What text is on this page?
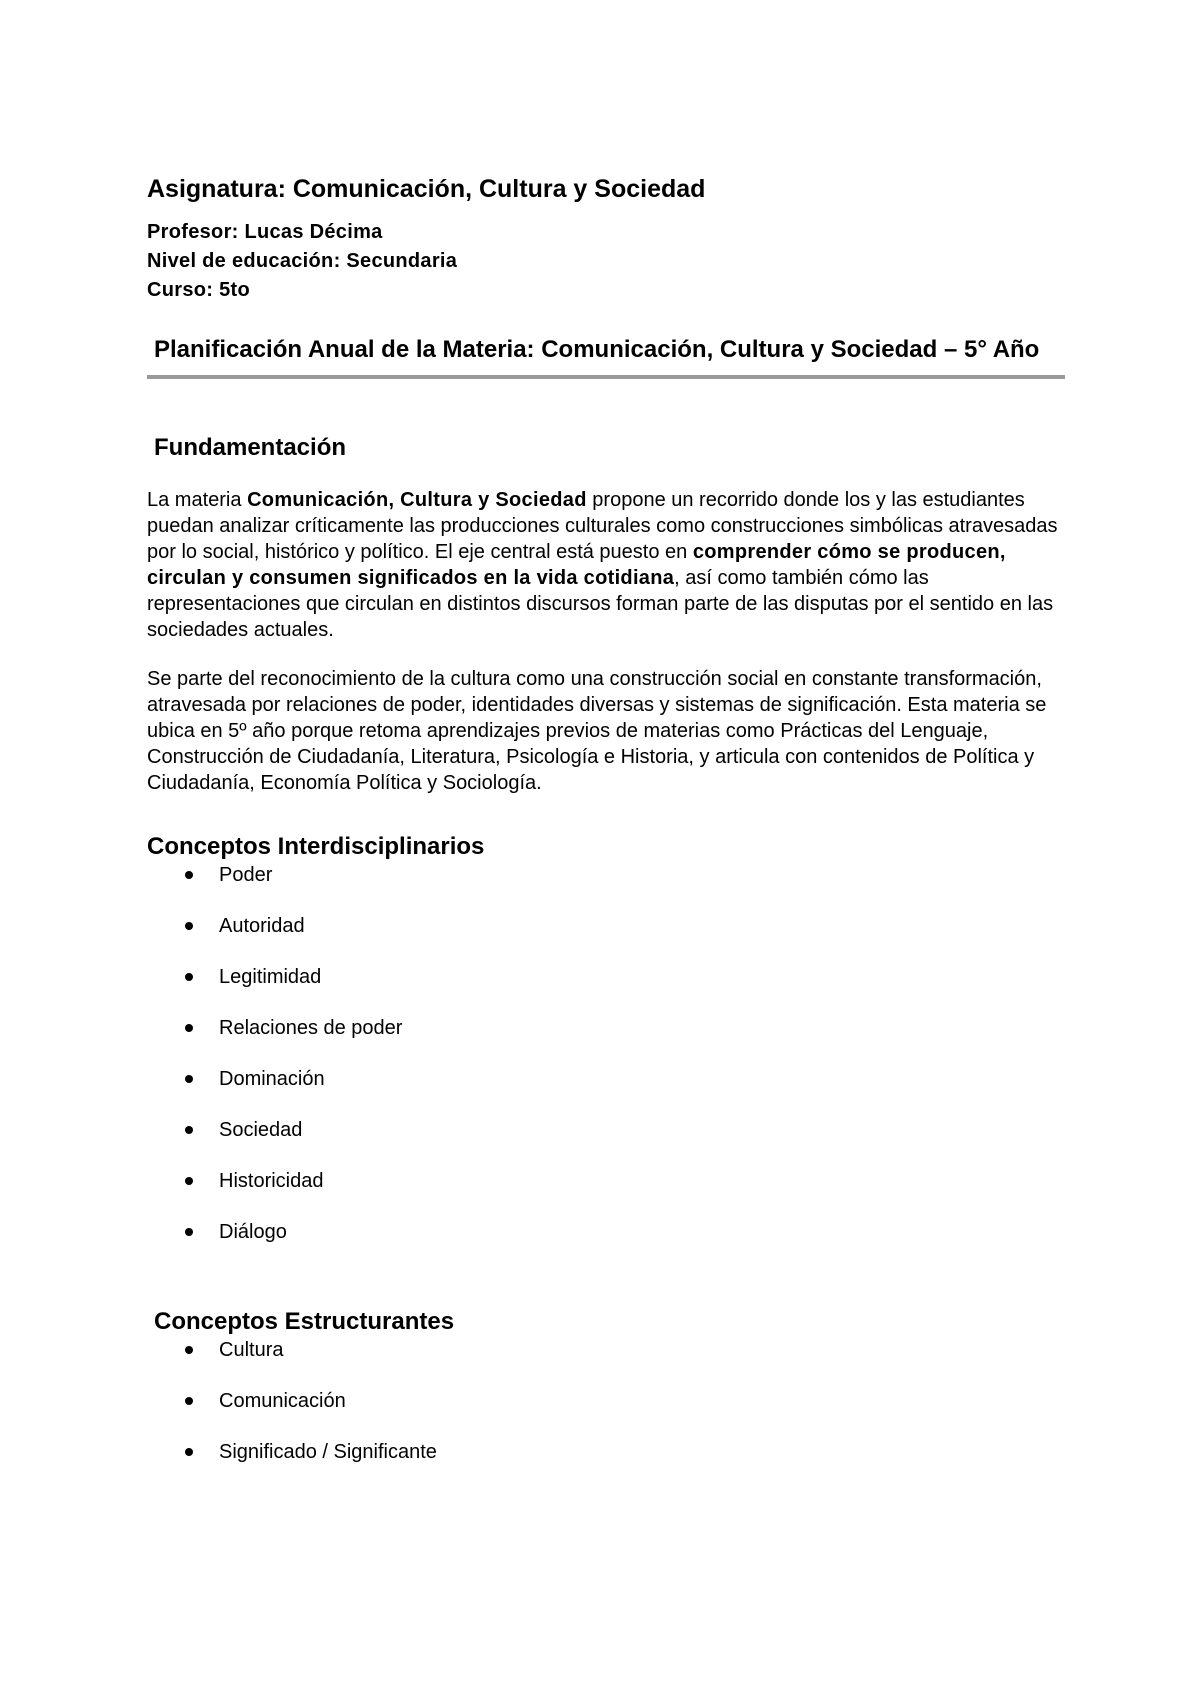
Asignatura: Comunicación, Cultura y Sociedad

Profesor: Lucas Décima

Nivel de educación: Secundaria

Curso: 5to

Planificación Anual de la Materia: Comunicación, Cultura y Sociedad – 5° Año
Fundamentación

La materia Comunicación, Cultura y Sociedad propone un recorrido donde los y las estudiantes puedan analizar críticamente las producciones culturales como construcciones simbólicas atravesadas por lo social, histórico y político. El eje central está puesto en comprender cómo se producen, circulan y consumen significados en la vida cotidiana, así como también cómo las representaciones que circulan en distintos discursos forman parte de las disputas por el sentido en las sociedades actuales.

Se parte del reconocimiento de la cultura como una construcción social en constante transformación, atravesada por relaciones de poder, identidades diversas y sistemas de significación. Esta materia se ubica en 5º año porque retoma aprendizajes previos de materias como Prácticas del Lenguaje, Construcción de Ciudadanía, Literatura, Psicología e Historia, y articula con contenidos de Política y Ciudadanía, Economía Política y Sociología.

Conceptos Interdisciplinarios
Poder
Autoridad
Legitimidad
Relaciones de poder
Dominación
Sociedad
Historicidad
Diálogo
Conceptos Estructurantes
Cultura
Comunicación
Significado / Significante
